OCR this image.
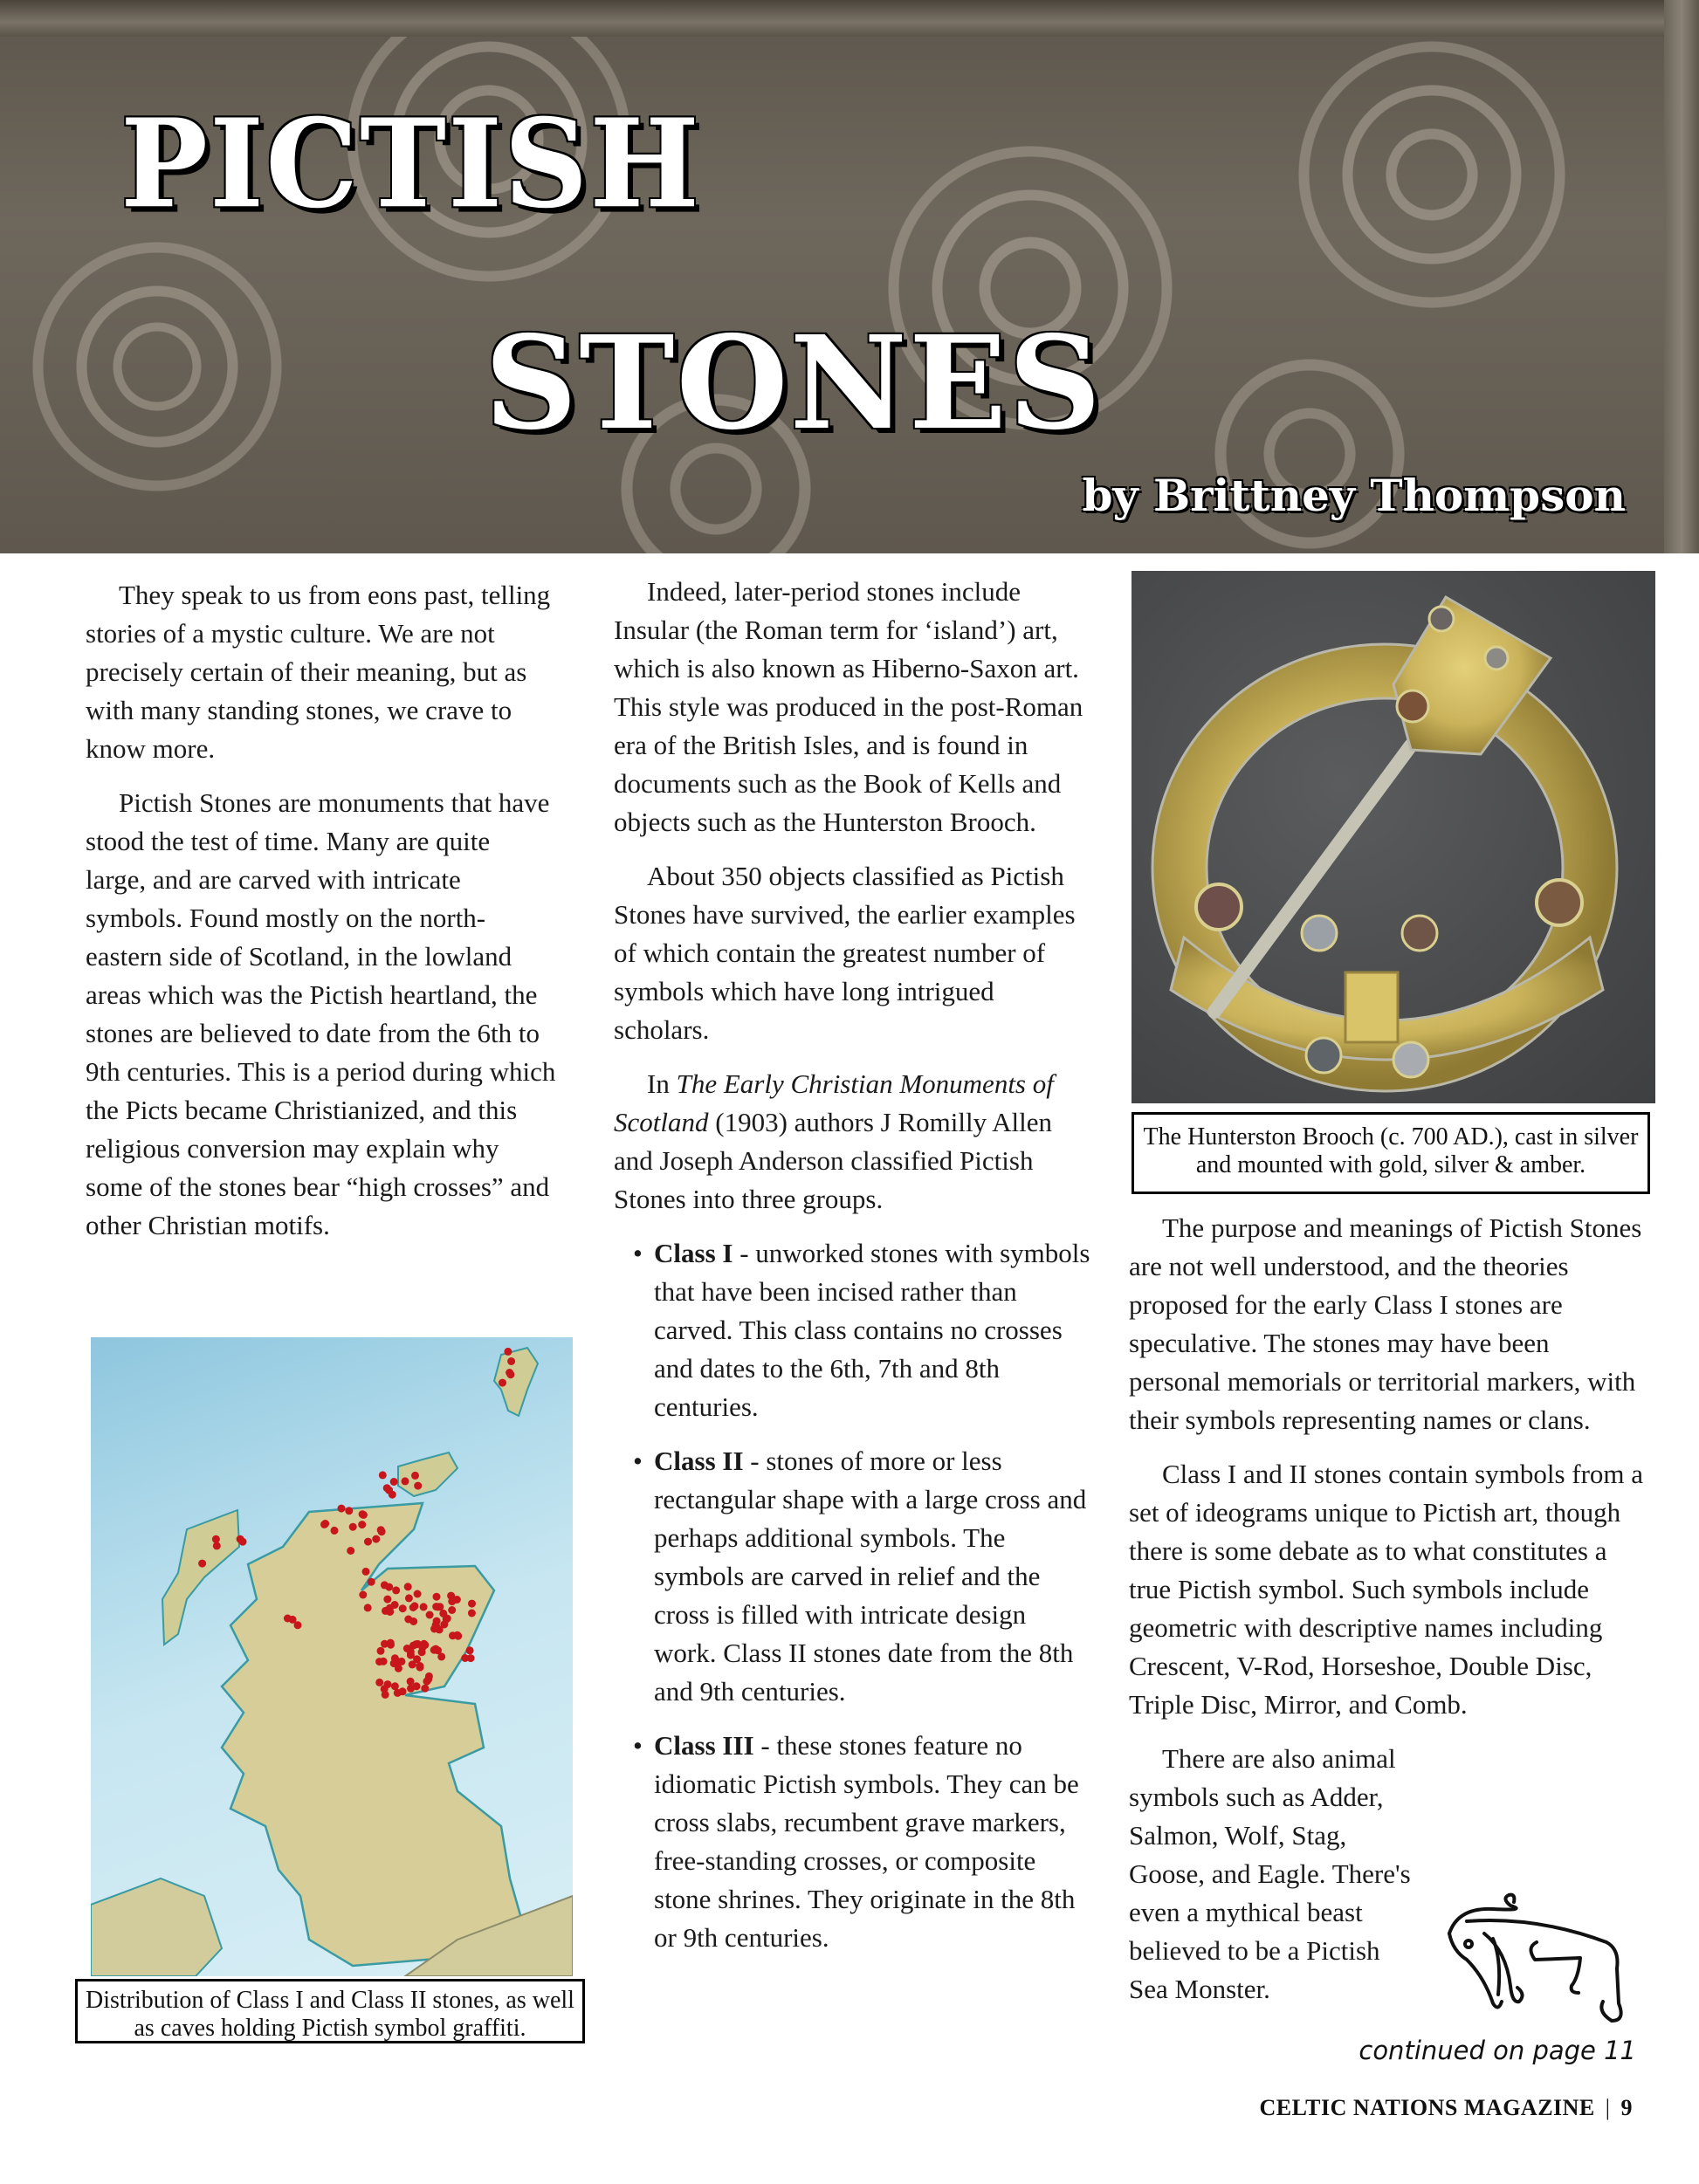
pictish
stones
by Brittney Thompson

They speak to us from eons past, telling stories of a mystic culture. We are not precisely certain of their meaning, but as with many standing stones, we crave to know more.

Pictish Stones are monuments that have stood the test of time. Many are quite large, and are carved with intricate symbols. Found mostly on the north-eastern side of Scotland, in the lowland areas which was the Pictish heartland, the stones are believed to date from the 6th to 9th centuries. This is a period during which the Picts became Christianized, and this religious conversion may explain why some of the stones bear “high crosses” and other Christian motifs.

Distribution of Class I and Class II stones, as well as caves holding Pictish symbol graffiti.

Indeed, later-period stones include Insular (the Roman term for ‘island’) art, which is also known as Hiberno-Saxon art. This style was produced in the post-Roman era of the British Isles, and is found in documents such as the Book of Kells and objects such as the Hunterston Brooch.

About 350 objects classified as Pictish Stones have survived, the earlier examples of which contain the greatest number of symbols which have long intrigued scholars.

In The Early Christian Monuments of Scotland (1903) authors J Romilly Allen and Joseph Anderson classified Pictish Stones into three groups.

• Class I - unworked stones with symbols that have been incised rather than carved. This class contains no crosses and dates to the 6th, 7th and 8th centuries.
• Class II - stones of more or less rectangular shape with a large cross and perhaps additional symbols. The symbols are carved in relief and the cross is filled with intricate design work. Class II stones date from the 8th and 9th centuries.
• Class III - these stones feature no idiomatic Pictish symbols. They can be cross slabs, recumbent grave markers, free-standing crosses, or composite stone shrines. They originate in the 8th or 9th centuries.
The Hunterston Brooch (c. 700 AD.), cast in silver and mounted with gold, silver & amber.

The purpose and meanings of Pictish Stones are not well understood, and the theories proposed for the early Class I stones are speculative. The stones may have been personal memorials or territorial markers, with their symbols representing names or clans.

Class I and II stones contain symbols from a set of ideograms unique to Pictish art, though there is some debate as to what constitutes a true Pictish symbol. Such symbols include geometric with descriptive names including Crescent, V-Rod, Horseshoe, Double Disc, Triple Disc, Mirror, and Comb.

There are also animal symbols such as Adder, Salmon, Wolf, Stag, Goose, and Eagle. There's even a mythical beast believed to be a Pictish Sea Monster.

continued on page 11
CELTIC NATIONS MAGAZINE | 9
